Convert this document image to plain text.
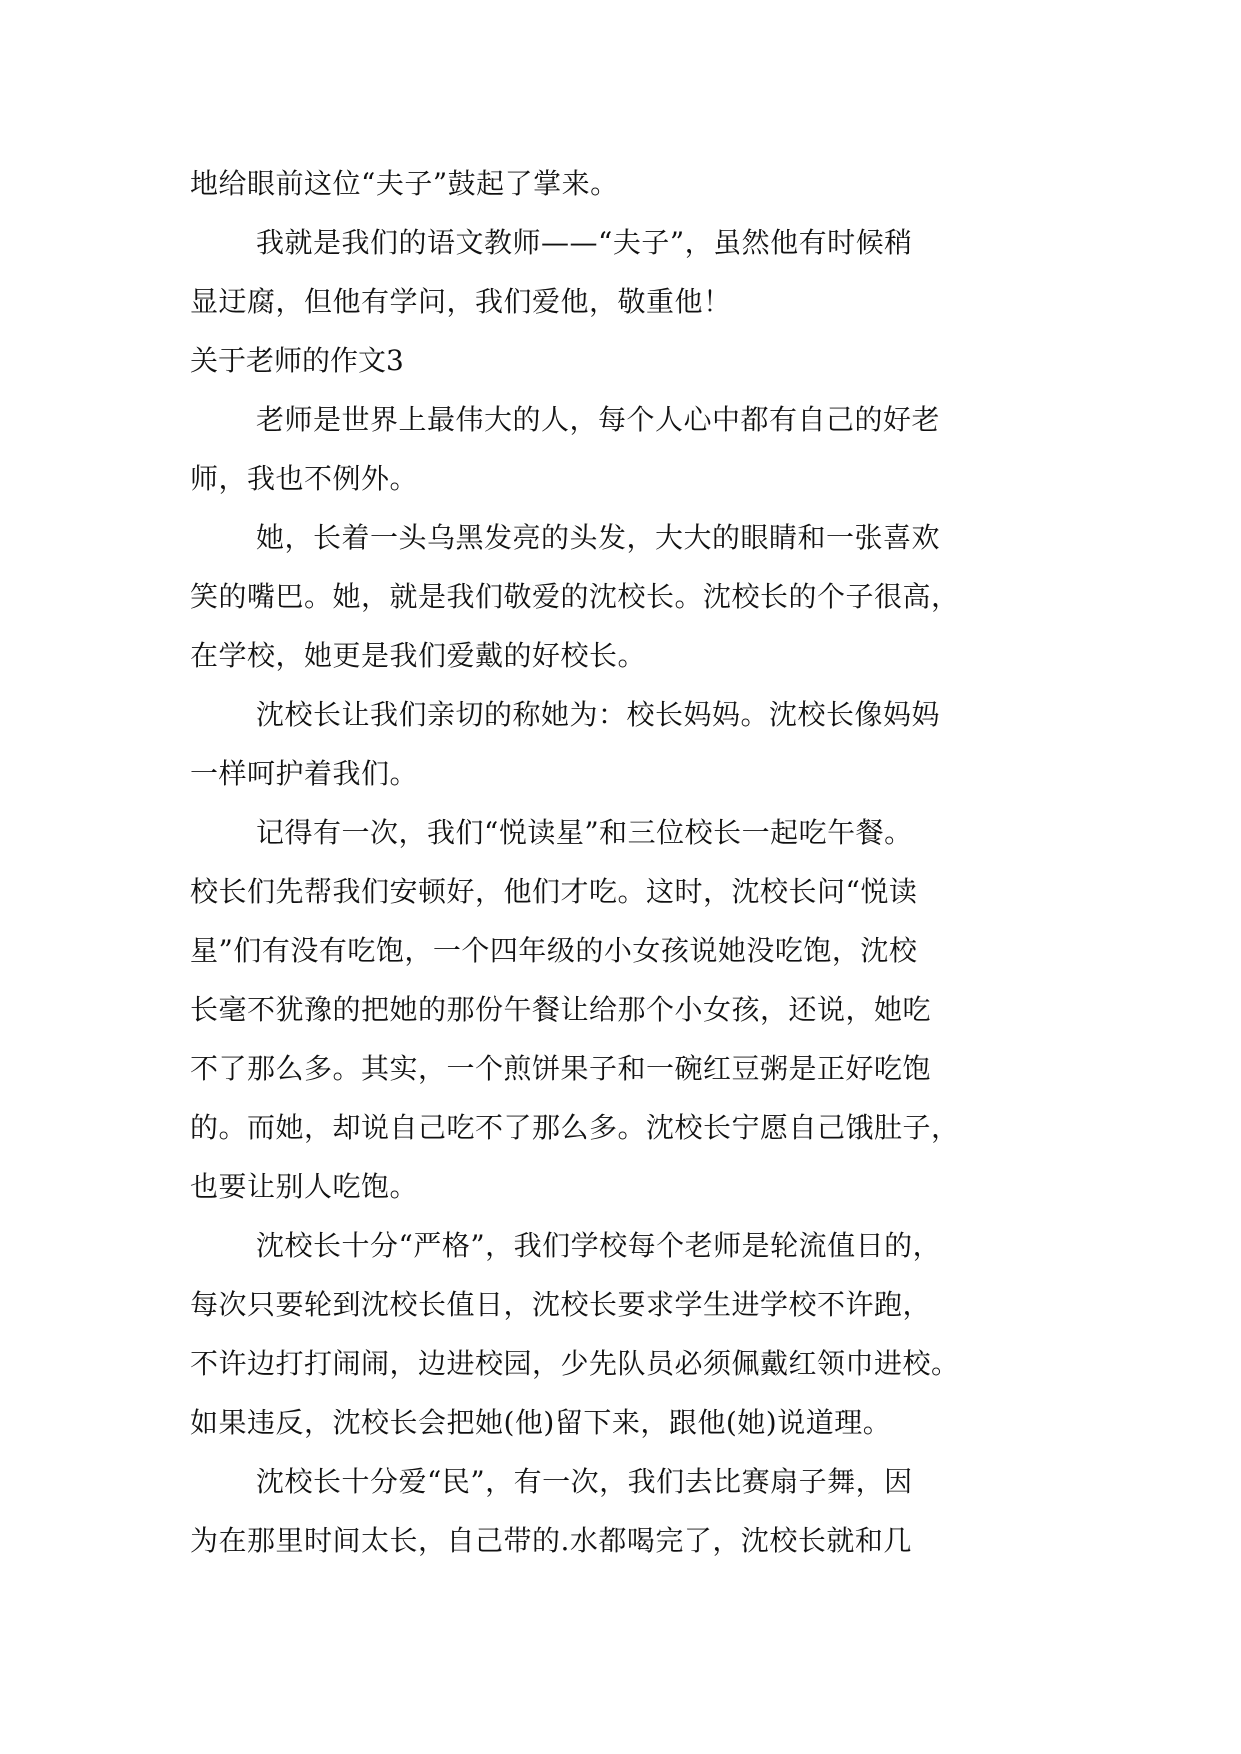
地给眼前这位“夫子”鼓起了掌来。
我就是我们的语文教师——“夫子”，虽然他有时候稍
显迂腐，但他有学问，我们爱他，敬重他！
关于老师的作文3
老师是世界上最伟大的人，每个人心中都有自己的好老
师，我也不例外。
她，长着一头乌黑发亮的头发，大大的眼睛和一张喜欢
笑的嘴巴。她，就是我们敬爱的沈校长。沈校长的个子很高，
在学校，她更是我们爱戴的好校长。
沈校长让我们亲切的称她为：校长妈妈。沈校长像妈妈
一样呵护着我们。
记得有一次，我们“悦读星”和三位校长一起吃午餐。
校长们先帮我们安顿好，他们才吃。这时，沈校长问“悦读
星”们有没有吃饱，一个四年级的小女孩说她没吃饱，沈校
长毫不犹豫的把她的那份午餐让给那个小女孩，还说，她吃
不了那么多。其实，一个煎饼果子和一碗红豆粥是正好吃饱
的。而她，却说自己吃不了那么多。沈校长宁愿自己饿肚子，
也要让别人吃饱。
沈校长十分“严格”，我们学校每个老师是轮流值日的，
每次只要轮到沈校长值日，沈校长要求学生进学校不许跑，
不许边打打闹闹，边进校园，少先队员必须佩戴红领巾进校。
如果违反，沈校长会把她(他)留下来，跟他(她)说道理。
沈校长十分爱“民”，有一次，我们去比赛扇子舞，因
为在那里时间太长，自己带的.水都喝完了，沈校长就和几
